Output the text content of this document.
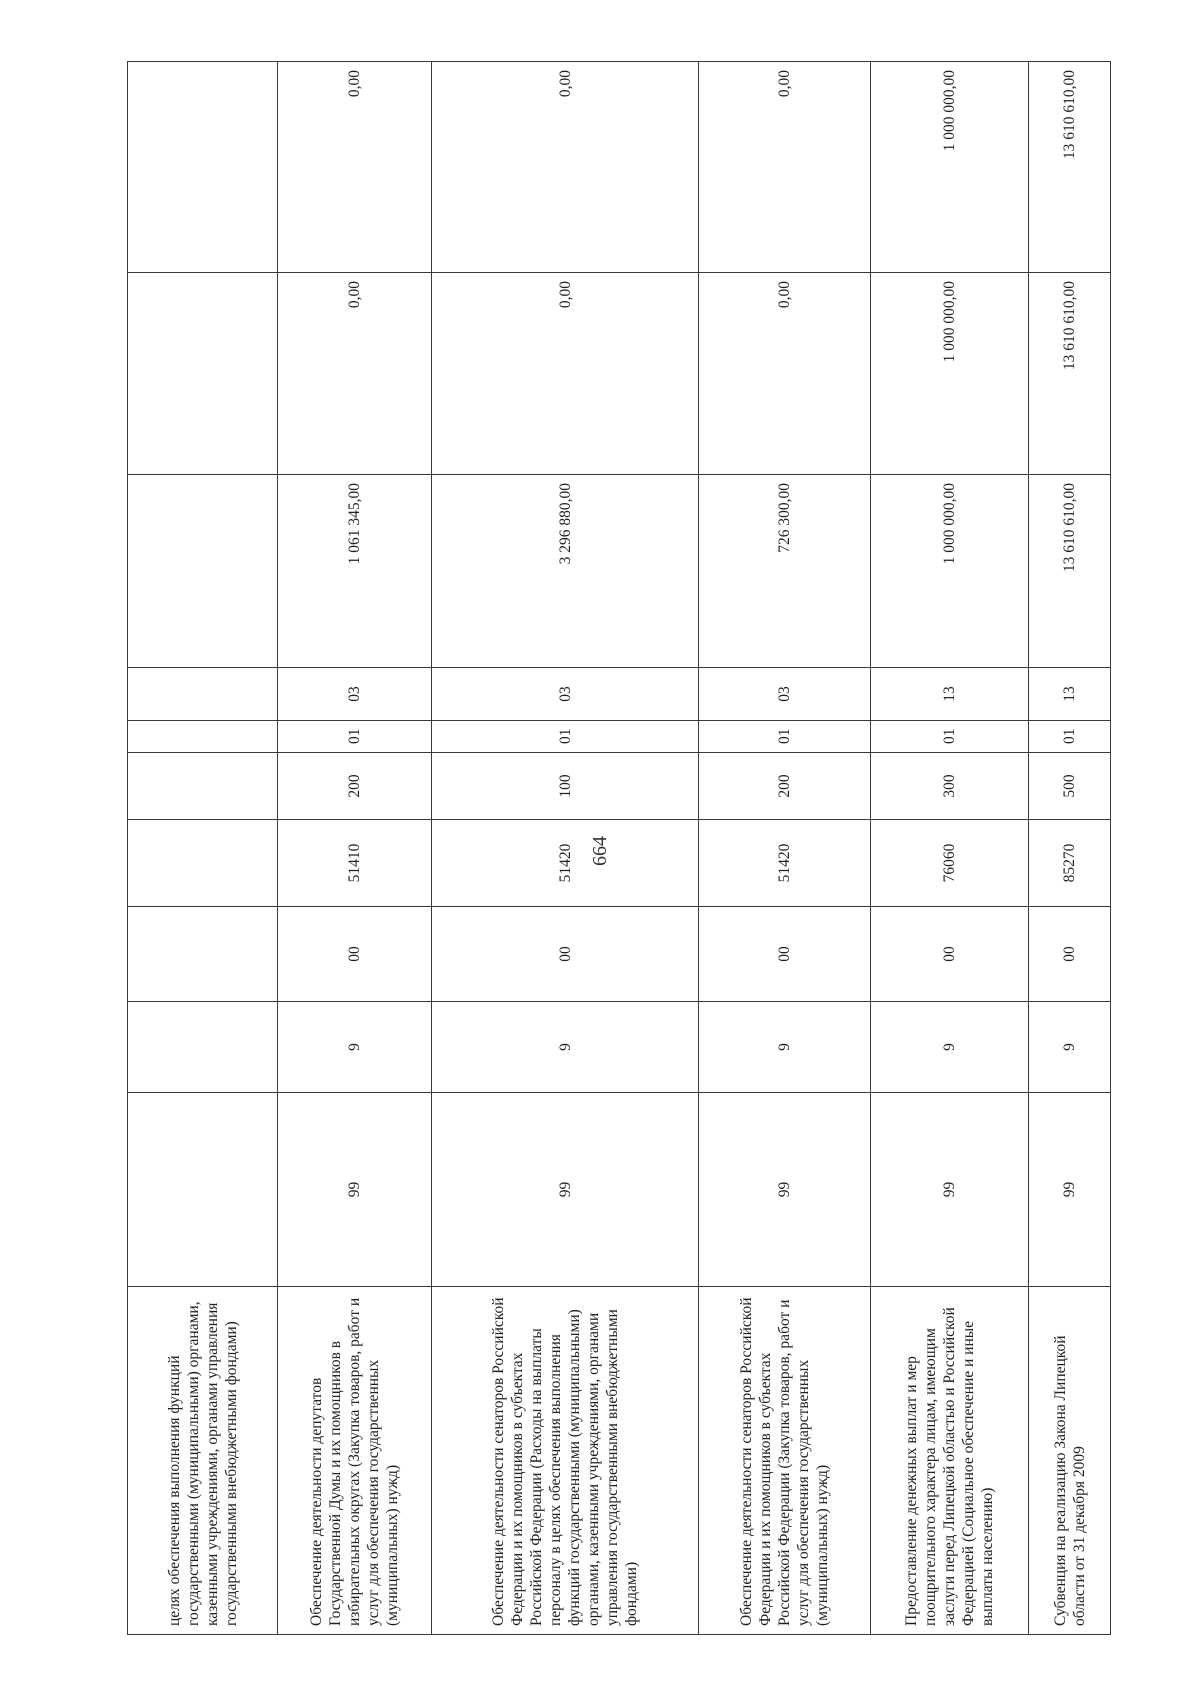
664
целях обеспечения выполнения функций государственными (муниципальными) органами, казенными учреждениями, органами управления государственными внебюджетными фондами)										
Обеспечение деятельности депутатов Государственной Думы и их помощников в избирательных округах (Закупка товаров, работ и услуг для обеспечения государственных (муниципальных) нужд)	99	9	00	51410	200	01	03	1 061 345,00	0,00	0,00
Обеспечение деятельности сенаторов Российской Федерации и их помощников в субъектах Российской Федерации (Расходы на выплаты персоналу в целях обеспечения выполнения функций государственными (муниципальными) органами, казенными учреждениями, органами управления государственными внебюджетными фондами)	99	9	00	51420	100	01	03	3 296 880,00	0,00	0,00
Обеспечение деятельности сенаторов Российской Федерации и их помощников в субъектах Российской Федерации (Закупка товаров, работ и услуг для обеспечения государственных (муниципальных) нужд)	99	9	00	51420	200	01	03	726 300,00	0,00	0,00
Предоставление денежных выплат и мер поощрительного характера лицам, имеющим заслуги перед Липецкой областью и Российской Федерацией (Социальное обеспечение и иные выплаты населению)	99	9	00	76060	300	01	13	1 000 000,00	1 000 000,00	1 000 000,00
Субвенция на реализацию Закона Липецкой области от 31 декабря 2009	99	9	00	85270	500	01	13	13 610 610,00	13 610 610,00	13 610 610,00
